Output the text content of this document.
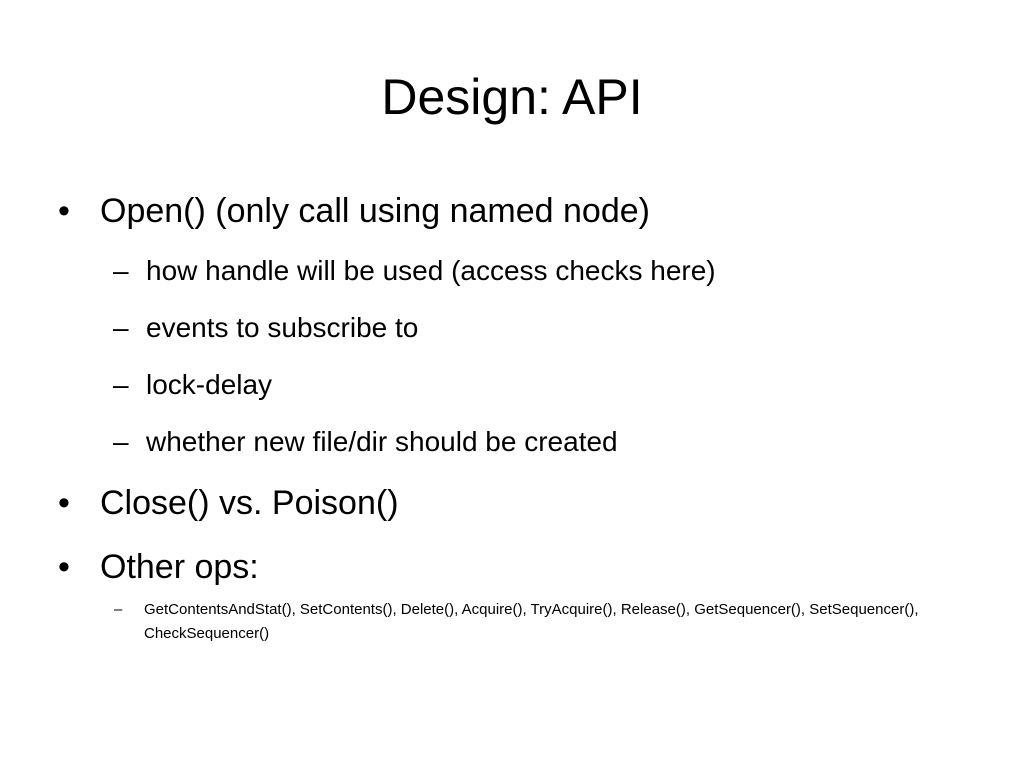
Design: API
• Open() (only call using named node)
– how handle will be used (access checks here)
– events to subscribe to
– lock-delay
– whether new file/dir should be created
• Close() vs. Poison()
• Other ops:
– GetContentsAndStat(), SetContents(), Delete(), Acquire(), TryAcquire(), Release(), GetSequencer(), SetSequencer(), CheckSequencer()
